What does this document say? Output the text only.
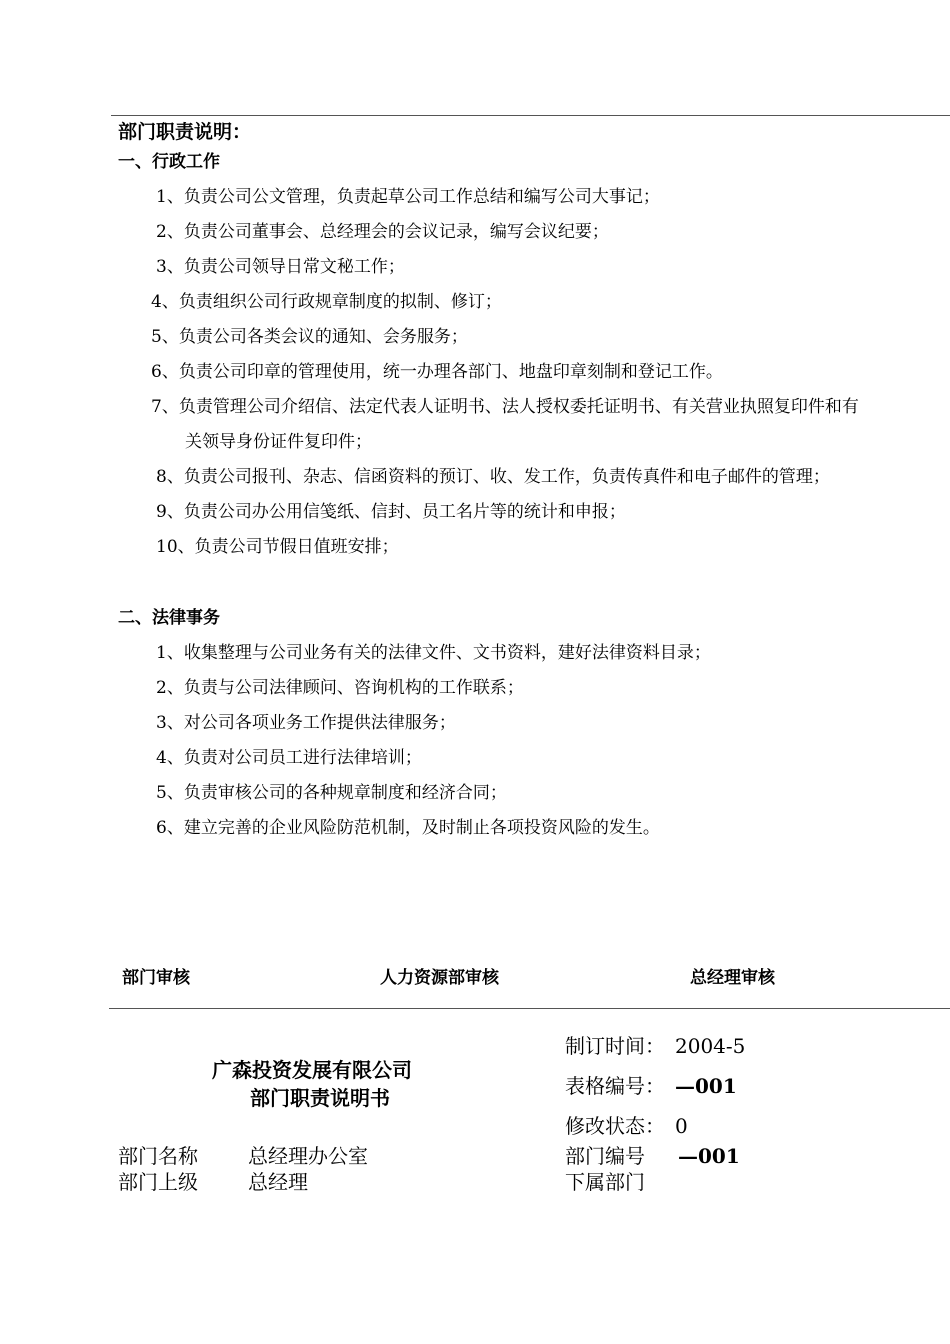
部门职责说明：
一、行政工作
1、负责公司公文管理，负责起草公司工作总结和编写公司大事记；
2、负责公司董事会、总经理会的会议记录，编写会议纪要；
3、负责公司领导日常文秘工作；
4、负责组织公司行政规章制度的拟制、修订；
5、负责公司各类会议的通知、会务服务；
6、负责公司印章的管理使用，统一办理各部门、地盘印章刻制和登记工作。
7、负责管理公司介绍信、法定代表人证明书、法人授权委托证明书、有关营业执照复印件和有
关领导身份证件复印件；
8、负责公司报刊、杂志、信函资料的预订、收、发工作，负责传真件和电子邮件的管理；
9、负责公司办公用信笺纸、信封、员工名片等的统计和申报；
10、负责公司节假日值班安排；
二、法律事务
1、收集整理与公司业务有关的法律文件、文书资料，建好法律资料目录；
2、负责与公司法律顾问、咨询机构的工作联系；
3、对公司各项业务工作提供法律服务；
4、负责对公司员工进行法律培训；
5、负责审核公司的各种规章制度和经济合同；
6、建立完善的企业风险防范机制，及时制止各项投资风险的发生。
部门审核	人力资源部审核	总经理审核
广森投资发展有限公司
部门职责说明书
制订时间： 2004-5
表格编号： —001
修改状态： 0
部门名称	总经理办公室	部门编号 —001
部门上级	总经理	下属部门
